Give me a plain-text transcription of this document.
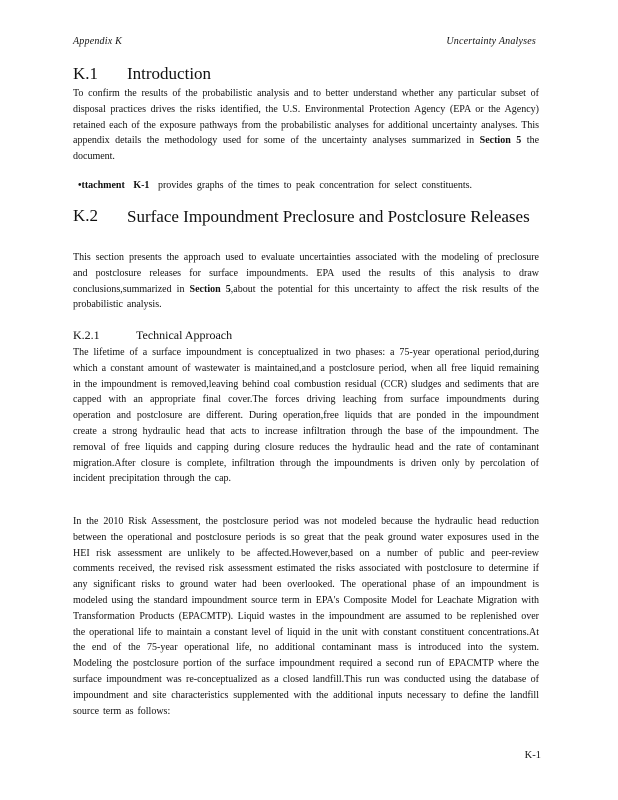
Appendix K	Uncertainty Analyses
K.1 Introduction
To confirm the results of the probabilistic analysis and to better understand whether any particular subset of disposal practices drives the risks identified, the U.S. Environmental Protection Agency (EPA or the Agency) retained each of the exposure pathways from the probabilistic analyses for additional uncertainty analyses. This appendix details the methodology used for some of the uncertainty analyses summarized in Section 5 the document.
•ttachment K-1 provides graphs of the times to peak concentration for select constituents.
K.2	Surface Impoundment Preclosure and Postclosure Releases
This section presents the approach used to evaluate uncertainties associated with the modeling of preclosure and postclosure releases for surface impoundments. EPA used the results of this analysis to draw conclusions,summarized in Section 5,about the potential for this uncertainty to affect the risk results of the probabilistic analysis.
K.2.1	Technical Approach
The lifetime of a surface impoundment is conceptualized in two phases: a 75-year operational period,during which a constant amount of wastewater is maintained,and a postclosure period, when all free liquid remaining in the impoundment is removed,leaving behind coal combustion residual (CCR) sludges and sediments that are capped with an appropriate final cover.The forces driving leaching from surface impoundments during operation and postclosure are different. During operation,free liquids that are ponded in the impoundment create a strong hydraulic head that acts to increase infiltration through the base of the impoundment. The removal of free liquids and capping during closure reduces the hydraulic head and the rate of contaminant migration.After closure is complete, infiltration through the impoundments is driven only by percolation of incident precipitation through the cap.
In the 2010 Risk Assessment, the postclosure period was not modeled because the hydraulic head reduction between the operational and postclosure periods is so great that the peak ground water exposures used in the HEI risk assessment are unlikely to be affected.However,based on a number of public and peer-review comments received, the revised risk assessment estimated the risks associated with postclosure to determine if any significant risks to ground water had been overlooked. The operational phase of an impoundment is modeled using the standard impoundment source term in EPA's Composite Model for Leachate Migration with Transformation Products (EPACMTP). Liquid wastes in the impoundment are assumed to be replenished over the operational life to maintain a constant level of liquid in the unit with constant constituent concentrations.At the end of the 75-year operational life, no additional contaminant mass is introduced into the system. Modeling the postclosure portion of the surface impoundment required a second run of EPACMTP where the surface impoundment was re-conceptualized as a closed landfill.This run was conducted using the database of impoundment and site characteristics supplemented with the additional inputs necessary to define the landfill source term as follows:
K-1
